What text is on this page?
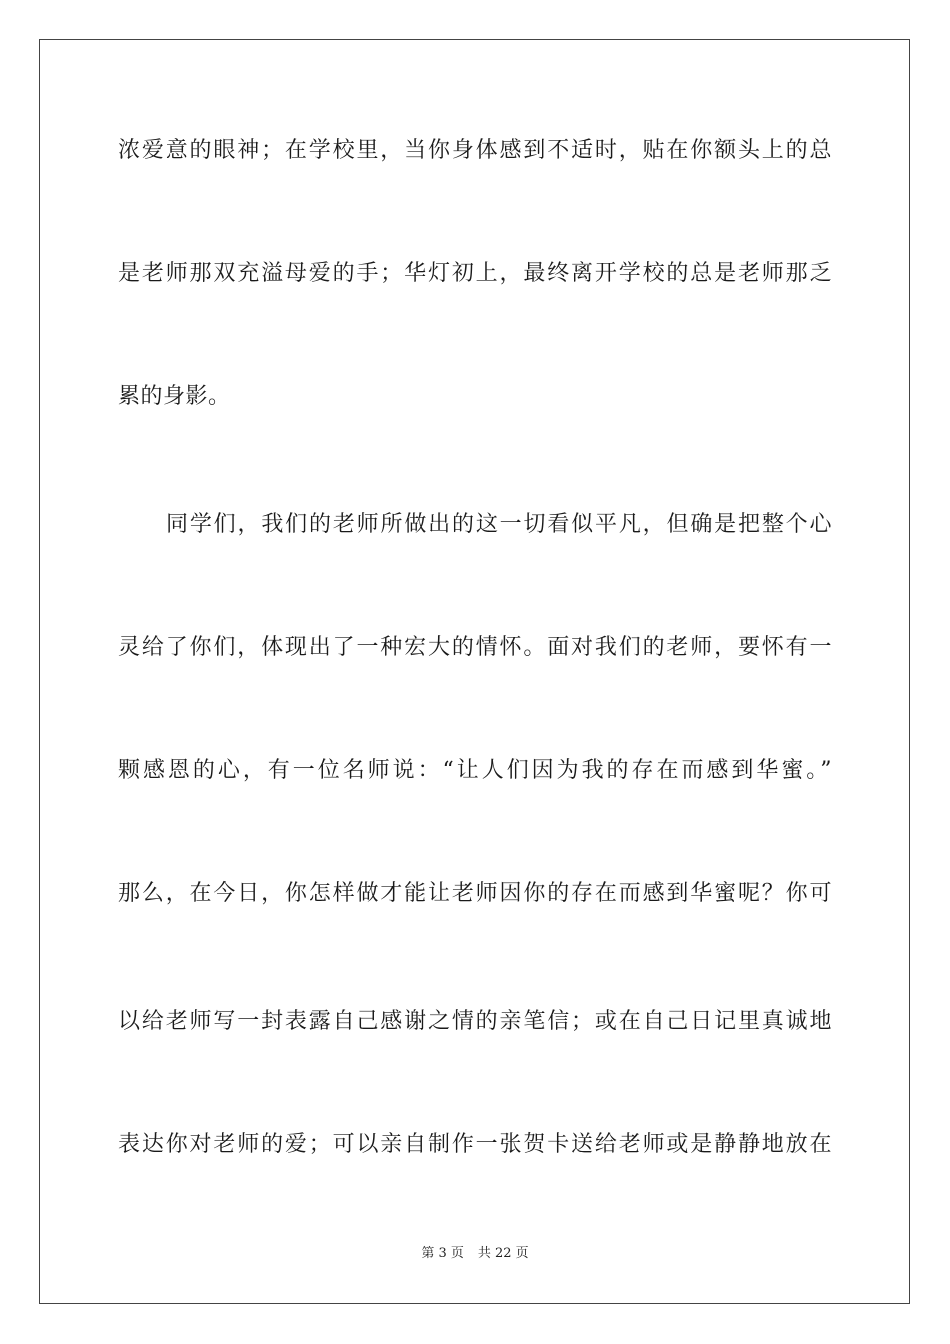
浓爱意的眼神；在学校里，当你身体感到不适时，贴在你额头上的总
是老师那双充溢母爱的手；华灯初上，最终离开学校的总是老师那乏
累的身影。
同学们，我们的老师所做出的这一切看似平凡，但确是把整个心
灵给了你们，体现出了一种宏大的情怀。面对我们的老师，要怀有一
颗感恩的心，有一位名师说：“让人们因为我的存在而感到华蜜。”
那么，在今日，你怎样做才能让老师因你的存在而感到华蜜呢？你可
以给老师写一封表露自己感谢之情的亲笔信；或在自己日记里真诚地
表达你对老师的爱；可以亲自制作一张贺卡送给老师或是静静地放在
第 3 页 共 22 页
